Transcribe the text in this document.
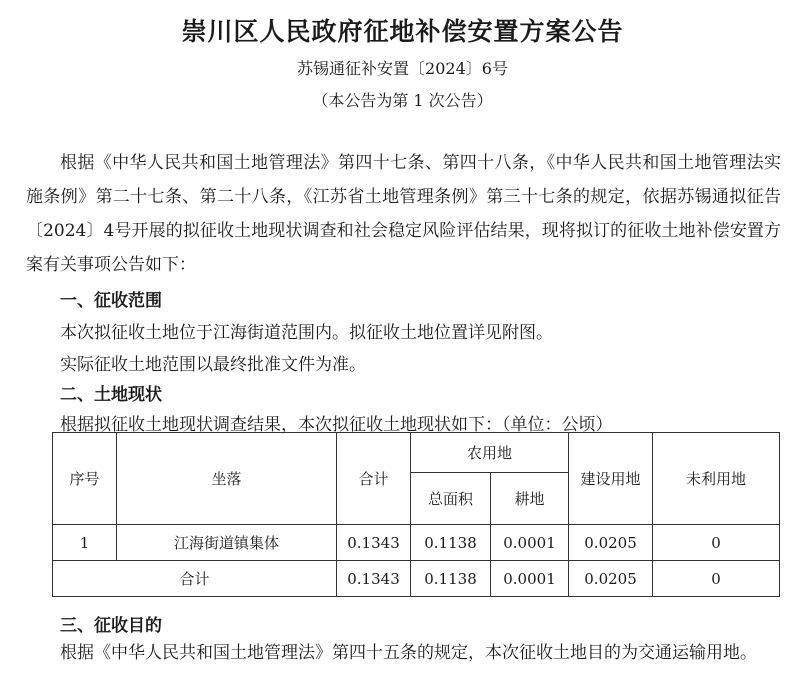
崇川区人民政府征地补偿安置方案公告
苏锡通征补安置〔2024〕6号
（本公告为第 1 次公告）

根据《中华人民共和国土地管理法》第四十七条、第四十八条，《中华人民共和国土地管理法实施条例》第二十七条、第二十八条，《江苏省土地管理条例》第三十七条的规定，依据苏锡通拟征告〔2024〕4号开展的拟征收土地现状调查和社会稳定风险评估结果，现将拟订的征收土地补偿安置方案有关事项公告如下：

一、征收范围
本次拟征收土地位于江海街道范围内。拟征收土地位置详见附图。
实际征收土地范围以最终批准文件为准。
二、土地现状
根据拟征收土地现状调查结果，本次拟征收土地现状如下：（单位：公顷）
序号	坐落	合计	农用地		建设用地	未利用地
			总面积	耕地		
1	江海街道镇集体	0.1343	0.1138	0.0001	0.0205	0
合计		0.1343	0.1138	0.0001	0.0205	0
三、征收目的

根据《中华人民共和国土地管理法》第四十五条的规定，本次征收土地目的为交通运输用地。
